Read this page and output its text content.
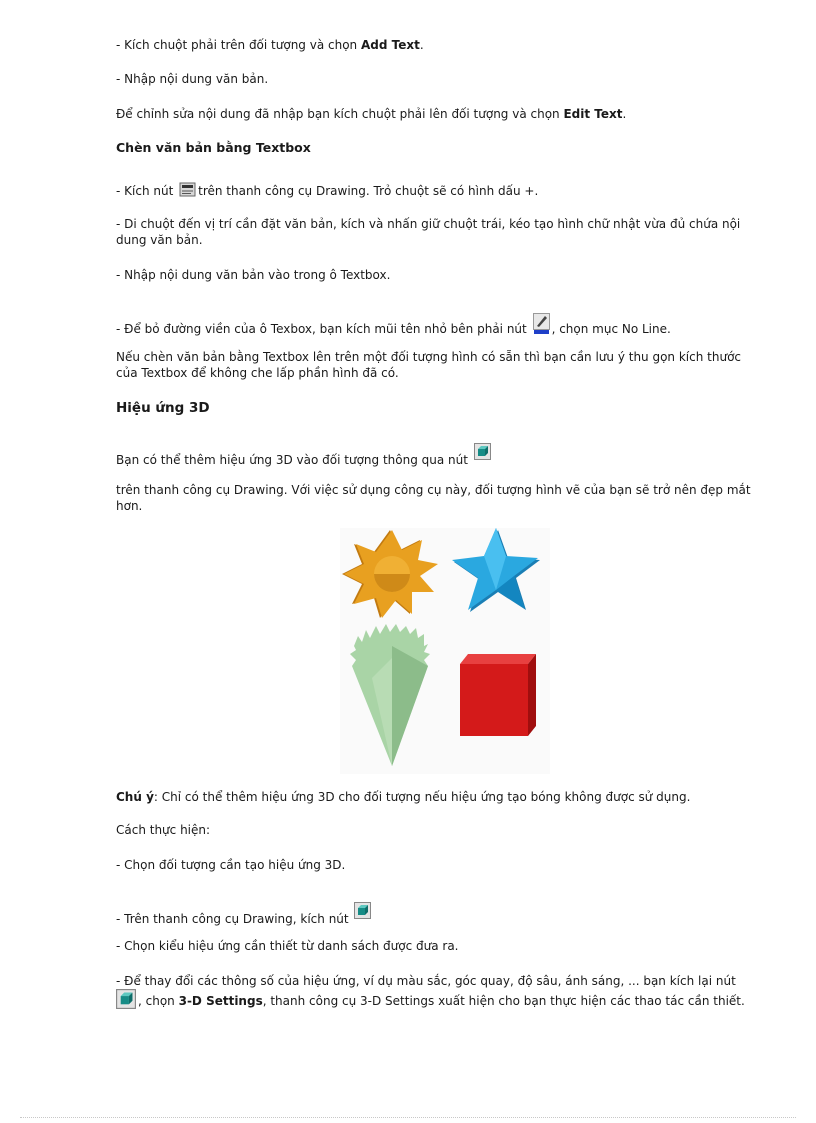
- Kích chuột phải trên đối tượng và chọn Add Text.

- Nhập nội dung văn bản.

Để chỉnh sửa nội dung đã nhập bạn kích chuột phải lên đối tượng và chọn Edit Text.

Chèn văn bản bằng Textbox

- Kích nút trên thanh công cụ Drawing. Trỏ chuột sẽ có hình dấu +.

- Di chuột đến vị trí cần đặt văn bản, kích và nhấn giữ chuột trái, kéo tạo hình chữ nhật vừa đủ chứa nội dung văn bản.

- Nhập nội dung văn bản vào trong ô Textbox.

- Để bỏ đường viền của ô Texbox, bạn kích mũi tên nhỏ bên phải nút , chọn mục No Line.

Nếu chèn văn bản bằng Textbox lên trên một đối tượng hình có sẵn thì bạn cần lưu ý thu gọn kích thước của Textbox để không che lấp phần hình đã có.

Hiệu ứng 3D

Bạn có thể thêm hiệu ứng 3D vào đối tượng thông qua nút

trên thanh công cụ Drawing. Với việc sử dụng công cụ này, đối tượng hình vẽ của bạn sẽ trở nên đẹp mắt hơn.

Chú ý: Chỉ có thể thêm hiệu ứng 3D cho đối tượng nếu hiệu ứng tạo bóng không được sử dụng.

Cách thực hiện:

- Chọn đối tượng cần tạo hiệu ứng 3D.

- Trên thanh công cụ Drawing, kích nút

- Chọn kiểu hiệu ứng cần thiết từ danh sách được đưa ra.

- Để thay đổi các thông số của hiệu ứng, ví dụ màu sắc, góc quay, độ sâu, ánh sáng, ... bạn kích lại nút
, chọn 3-D Settings, thanh công cụ 3-D Settings xuất hiện cho bạn thực hiện các thao tác cần thiết.
